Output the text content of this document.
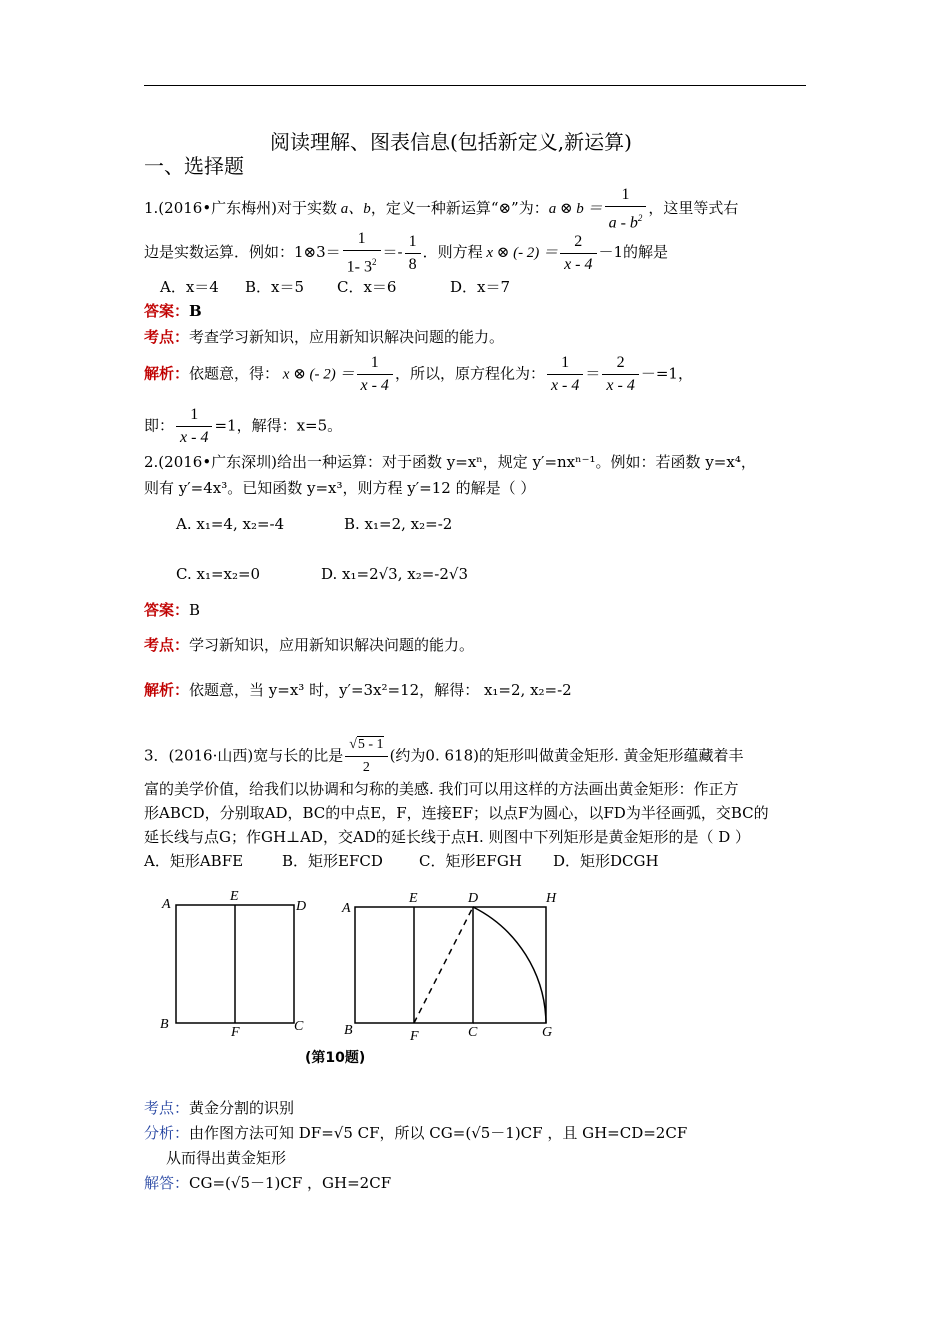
阅读理解、图表信息(包括新定义,新运算)
一、选择题
1.(2016•广东梅州)对于实数 a、b，定义一种新运算“⊗”为：a ⊗ $b = \frac{1}{a - b^2}$ ，这里等式右
边是实数运算．例如：1⊗3＝ $\frac{1}{1- 3^2} =- \frac{1}{8}$ ．则方程 x ⊗ (- $2) = \frac{2}{x - 4} -1$的解是
A．x＝4 B．x＝5 C．x＝6	D．x＝7
答案：B
考点：考查学习新知识，应用新知识解决问题的能力。
解析：依题意，得： x ⊗ (- $2) = \frac{1}{x - 4}$ ，所以，原方程化为： $\frac{1}{x - 4} = \frac{2}{x - 4} -=1$，
即： $\frac{1}{x - 4} =1$，解得：x=5。
2.(2016•广东深圳)给出一种运算：对于函数 y=xⁿ，规定 y′=nxⁿ⁻¹。例如：若函数 y=x⁴，
则有 y′=4x³。已知函数 y=x³，则方程 y′=12 的解是（ ）
A. x₁=4, x₂=-4	B. x₁=2, x₂=-2
C. x₁=x₂=0	D. x₁=2√3, x₂=-2√3
答案：B
考点：学习新知识，应用新知识解决问题的能力。
解析：依题意，当 y=x³ 时，y′=3x²=12，解得： x₁=2, x₂=-2
3．(2016·山西)宽与长的比是 $\frac{√5 - 1}{2}$ (约为0. 618)的矩形叫做黄金矩形. 黄金矩形蕴藏着丰
富的美学价值，给我们以协调和匀称的美感. 我们可以用这样的方法画出黄金矩形：作正方
形ABCD，分别取AD，BC的中点E，F，连接EF；以点F为圆心，以FD为半径画弧，交BC的
延长线与点G；作GH⊥AD，交AD的延长线于点H. 则图中下列矩形是黄金矩形的是（ D ）
A．矩形ABFE	B．矩形EFCD C．矩形EFGH D．矩形DCGH
A
E
D
B
F	C
A
E	D	H
B	F	C	G
(第10题)
考点：黄金分割的识别
分析：由作图方法可知 DF=√5 CF，所以 CG=(√5－1)CF ，且 GH=CD=2CF
从而得出黄金矩形
解答：CG=(√5－1)CF ，GH=2CF
